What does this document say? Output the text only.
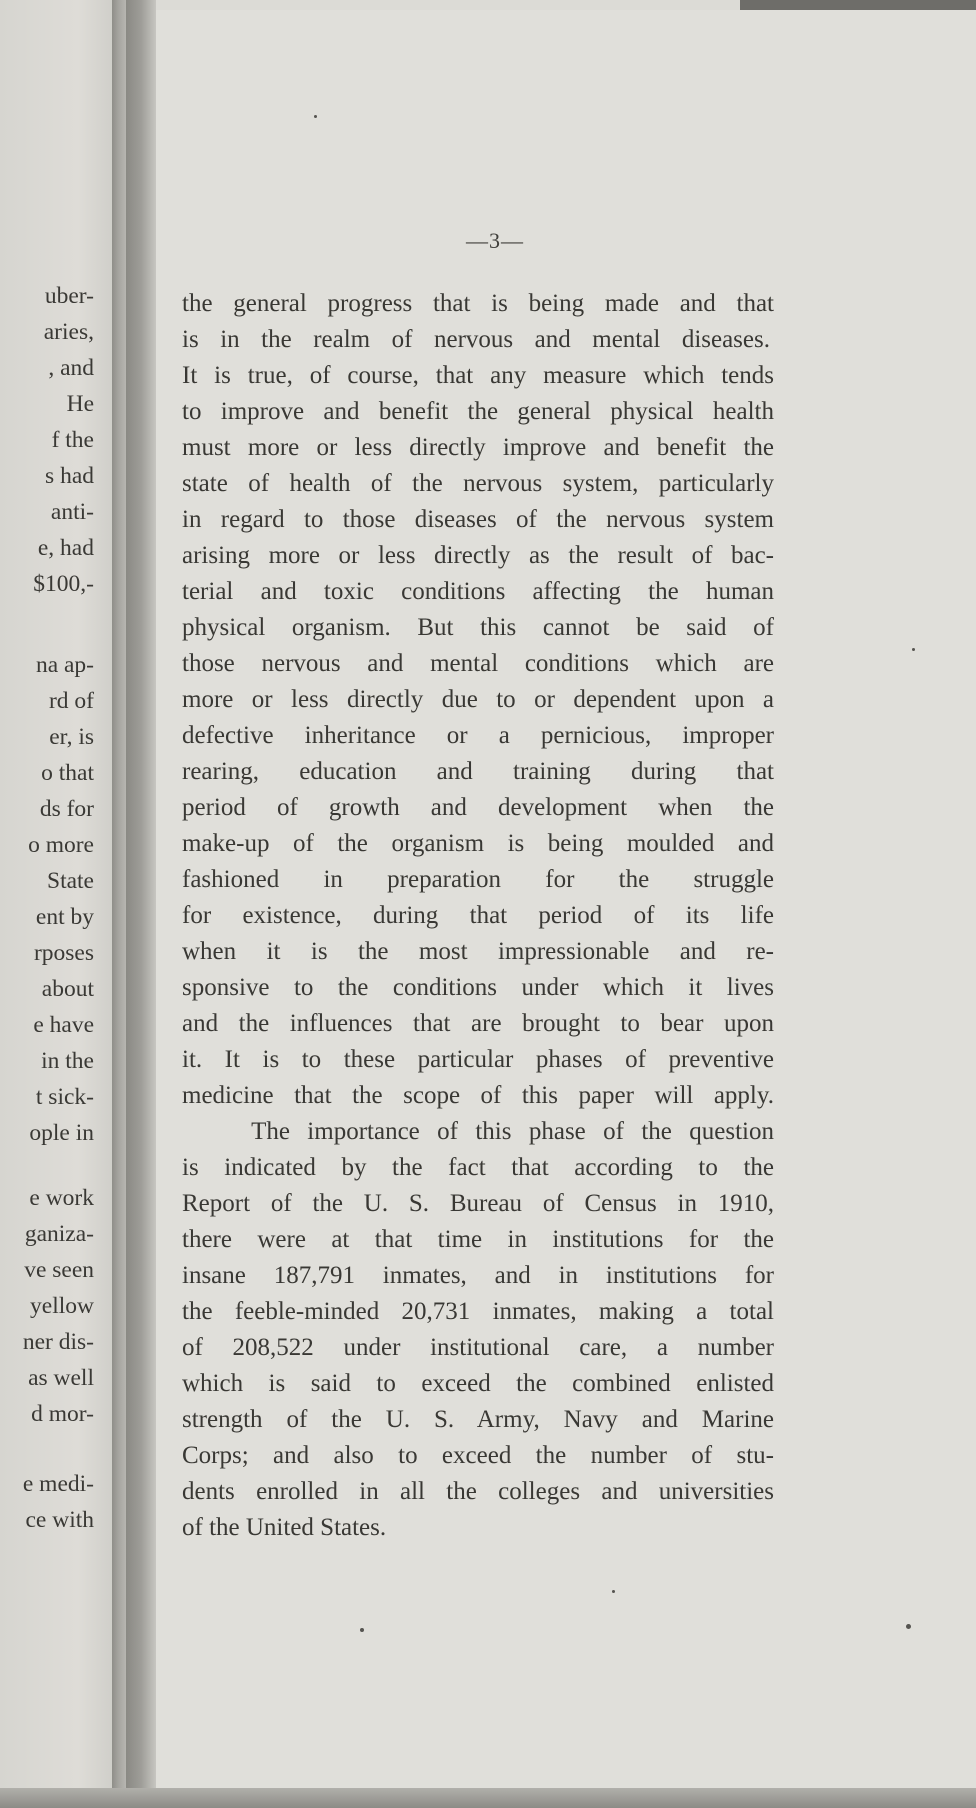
uber-
aries,
, and
He
f the
s had
anti-
e, had
$100,-
na ap-
rd of
er, is
o that
ds for
o more
State
ent by
rposes
about
e have
in the
t sick-
ople in
e work
ganiza-
ve seen
yellow
ner dis-
as well
d mor-
e medi-
ce with
—3—
the general progress that is being made and that
is in the realm of nervous and mental diseases.
It is true, of course, that any measure which tends
to improve and benefit the general physical health
must more or less directly improve and benefit the
state of health of the nervous system, particularly
in regard to those diseases of the nervous system
arising more or less directly as the result of bac-
terial and toxic conditions affecting the human
physical organism. But this cannot be said of
those nervous and mental conditions which are
more or less directly due to or dependent upon a
defective inheritance or a pernicious, improper
rearing, education and training during that
period of growth and development when the
make-up of the organism is being moulded and
fashioned in preparation for the struggle
for existence, during that period of its life
when it is the most impressionable and re-
sponsive to the conditions under which it lives
and the influences that are brought to bear upon
it. It is to these particular phases of preventive
medicine that the scope of this paper will apply.
The importance of this phase of the question
is indicated by the fact that according to the
Report of the U. S. Bureau of Census in 1910,
there were at that time in institutions for the
insane 187,791 inmates, and in institutions for
the feeble-minded 20,731 inmates, making a total
of 208,522 under institutional care, a number
which is said to exceed the combined enlisted
strength of the U. S. Army, Navy and Marine
Corps; and also to exceed the number of stu-
dents enrolled in all the colleges and universities
of the United States.
